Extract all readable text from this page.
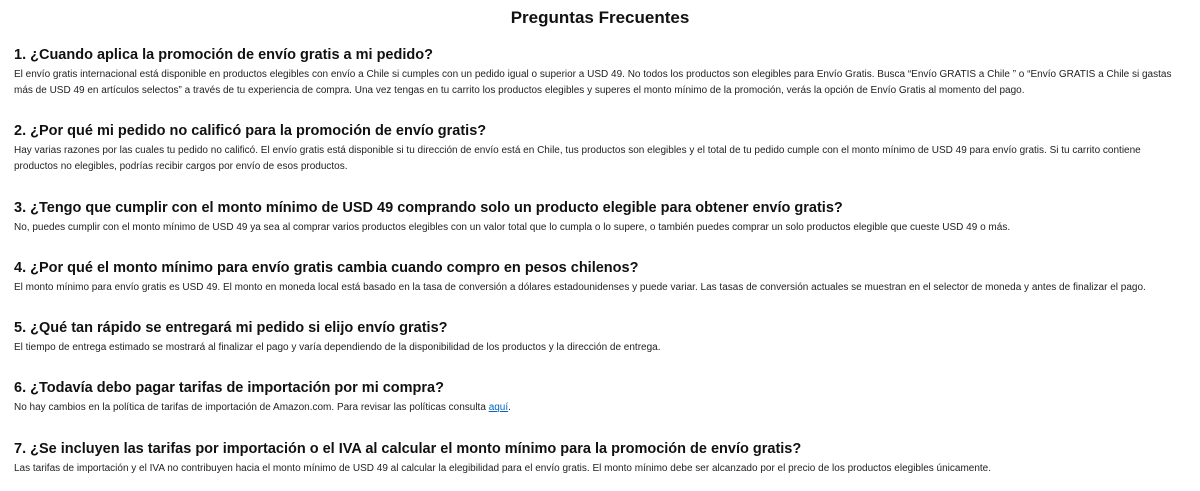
Preguntas Frecuentes
1. ¿Cuando aplica la promoción de envío gratis a mi pedido?

El envío gratis internacional está disponible en productos elegibles con envío a Chile si cumples con un pedido igual o superior a USD 49. No todos los productos son elegibles para Envío Gratis. Busca “Envío GRATIS a Chile ” o “Envío GRATIS a Chile si gastas más de USD 49 en artículos selectos” a través de tu experiencia de compra. Una vez tengas en tu carrito los productos elegibles y superes el monto mínimo de la promoción, verás la opción de Envío Gratis al momento del pago.

2. ¿Por qué mi pedido no calificó para la promoción de envío gratis?

Hay varias razones por las cuales tu pedido no calificó. El envío gratis está disponible si tu dirección de envío está en Chile, tus productos son elegibles y el total de tu pedido cumple con el monto mínimo de USD 49 para envío gratis. Si tu carrito contiene productos no elegibles, podrías recibir cargos por envío de esos productos.

3. ¿Tengo que cumplir con el monto mínimo de USD 49 comprando solo un producto elegible para obtener envío gratis?

No, puedes cumplir con el monto mínimo de USD 49 ya sea al comprar varios productos elegibles con un valor total que lo cumpla o lo supere, o también puedes comprar un solo productos elegible que cueste USD 49 o más.

4. ¿Por qué el monto mínimo para envío gratis cambia cuando compro en pesos chilenos?

El monto mínimo para envío gratis es USD 49. El monto en moneda local está basado en la tasa de conversión a dólares estadounidenses y puede variar. Las tasas de conversión actuales se muestran en el selector de moneda y antes de finalizar el pago.

5. ¿Qué tan rápido se entregará mi pedido si elijo envío gratis?

El tiempo de entrega estimado se mostrará al finalizar el pago y varía dependiendo de la disponibilidad de los productos y la dirección de entrega.

6. ¿Todavía debo pagar tarifas de importación por mi compra?

No hay cambios en la política de tarifas de importación de Amazon.com. Para revisar las políticas consulta aquí.

7. ¿Se incluyen las tarifas por importación o el IVA al calcular el monto mínimo para la promoción de envío gratis?

Las tarifas de importación y el IVA no contribuyen hacia el monto mínimo de USD 49 al calcular la elegibilidad para el envío gratis. El monto mínimo debe ser alcanzado por el precio de los productos elegibles únicamente.
